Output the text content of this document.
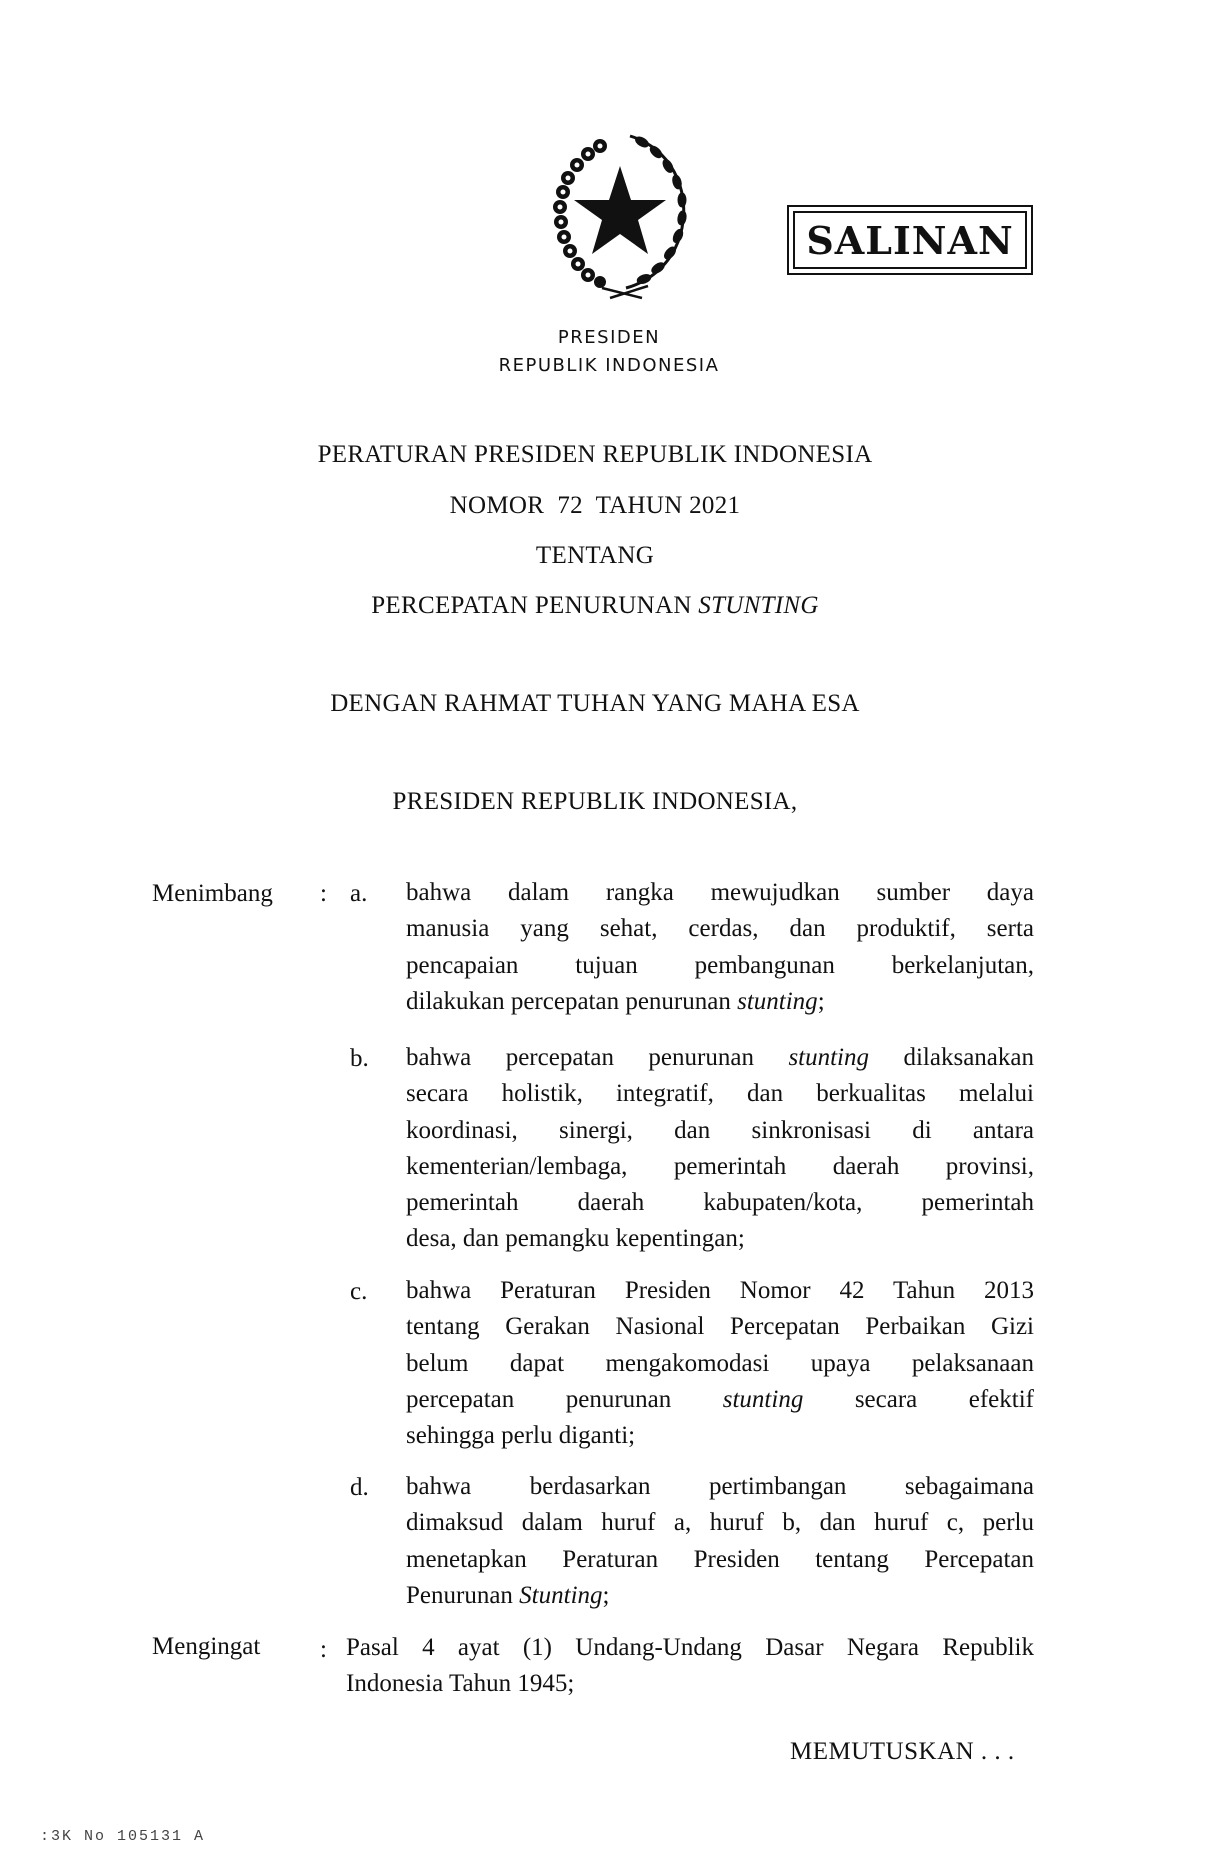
SALINAN
PRESIDEN
REPUBLIK INDONESIA
PERATURAN PRESIDEN REPUBLIK INDONESIA
NOMOR  72  TAHUN 2021
TENTANG
PERCEPATAN PENURUNAN STUNTING
DENGAN RAHMAT TUHAN YANG MAHA ESA
PRESIDEN REPUBLIK INDONESIA,
Menimbang : a. bahwa dalam rangka mewujudkan sumber daya
manusia yang sehat, cerdas, dan produktif, serta
pencapaian tujuan pembangunan berkelanjutan,
dilakukan percepatan penurunan stunting;
b. bahwa percepatan penurunan stunting dilaksanakan
secara holistik, integratif, dan berkualitas melalui
koordinasi, sinergi, dan sinkronisasi di antara
kementerian/lembaga, pemerintah daerah provinsi,
pemerintah daerah kabupaten/kota, pemerintah
desa, dan pemangku kepentingan;
c. bahwa Peraturan Presiden Nomor 42 Tahun 2013
tentang Gerakan Nasional Percepatan Perbaikan Gizi
belum dapat mengakomodasi upaya pelaksanaan
percepatan penurunan stunting secara efektif
sehingga perlu diganti;
d. bahwa berdasarkan pertimbangan sebagaimana
dimaksud dalam huruf a, huruf b, dan huruf c, perlu
menetapkan Peraturan Presiden tentang Percepatan
Penurunan Stunting;
Mengingat : Pasal 4 ayat (1) Undang-Undang Dasar Negara Republik
Indonesia Tahun 1945;
MEMUTUSKAN . . .
:3K No 105131 A
